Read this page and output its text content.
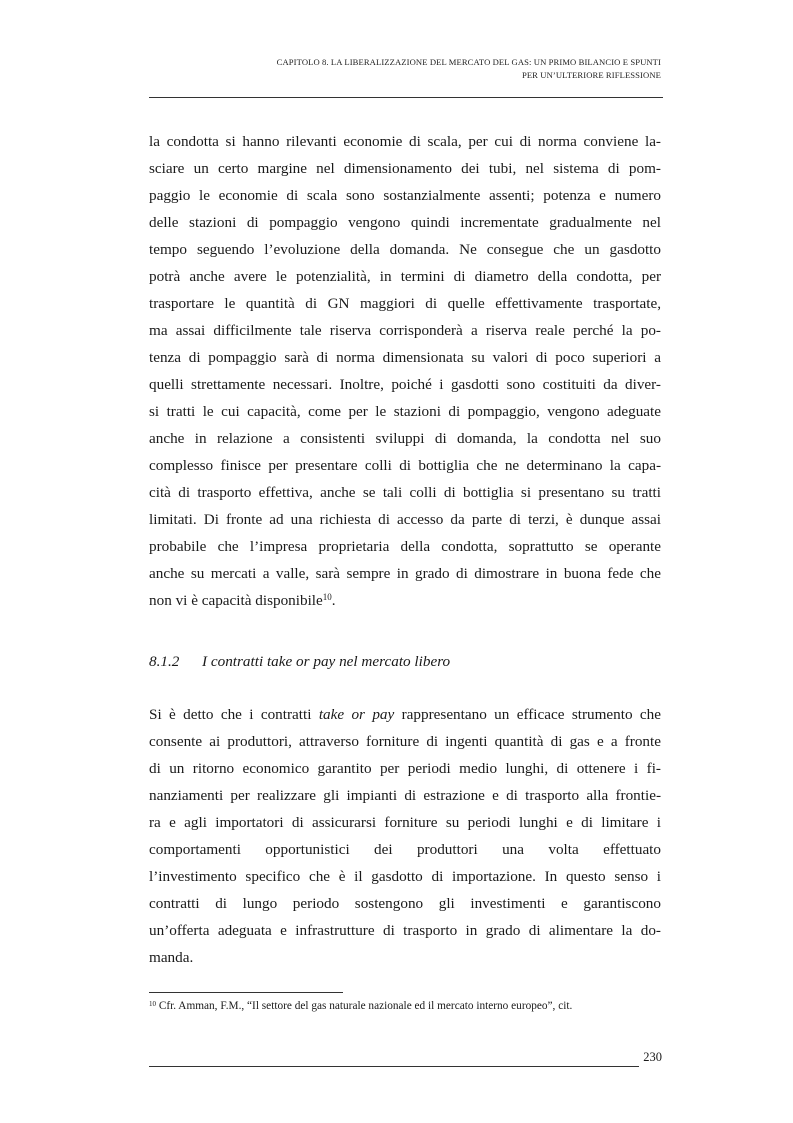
CAPITOLO 8. LA LIBERALIZZAZIONE DEL MERCATO DEL GAS: UN PRIMO BILANCIO E SPUNTI
PER UN’ULTERIORE RIFLESSIONE
la condotta si hanno rilevanti economie di scala, per cui di norma conviene la-
sciare un certo margine nel dimensionamento dei tubi, nel sistema di pom-
paggio le economie di scala sono sostanzialmente assenti; potenza e numero
delle stazioni di pompaggio vengono quindi incrementate gradualmente nel
tempo seguendo l’evoluzione della domanda. Ne consegue che un gasdotto
potrà anche avere le potenzialità, in termini di diametro della condotta, per
trasportare le quantità di GN maggiori di quelle effettivamente trasportate,
ma assai difficilmente tale riserva corrisponderà a riserva reale perché la po-
tenza di pompaggio sarà di norma dimensionata su valori di poco superiori a
quelli strettamente necessari. Inoltre, poiché i gasdotti sono costituiti da diver-
si tratti le cui capacità, come per le stazioni di pompaggio, vengono adeguate
anche in relazione a consistenti sviluppi di domanda, la condotta nel suo
complesso finisce per presentare colli di bottiglia che ne determinano la capa-
cità di trasporto effettiva, anche se tali colli di bottiglia si presentano su tratti
limitati. Di fronte ad una richiesta di accesso da parte di terzi, è dunque assai
probabile che l’impresa proprietaria della condotta, soprattutto se operante
anche su mercati a valle, sarà sempre in grado di dimostrare in buona fede che
non vi è capacità disponibile$^{10}$.
8.1.2 I contratti take or pay nel mercato libero
Si è detto che i contratti take or pay rappresentano un efficace strumento che
consente ai produttori, attraverso forniture di ingenti quantità di gas e a fronte
di un ritorno economico garantito per periodi medio lunghi, di ottenere i fi-
nanziamenti per realizzare gli impianti di estrazione e di trasporto alla frontie-
ra e agli importatori di assicurarsi forniture su periodi lunghi e di limitare i
comportamenti opportunistici dei produttori una volta effettuato
l’investimento specifico che è il gasdotto di importazione. In questo senso i
contratti di lungo periodo sostengono gli investimenti e garantiscono
un’offerta adeguata e infrastrutture di trasporto in grado di alimentare la do-
manda.
$^{10}$ Cfr. Amman, F.M., “Il settore del gas naturale nazionale ed il mercato interno europeo”, cit.
230
